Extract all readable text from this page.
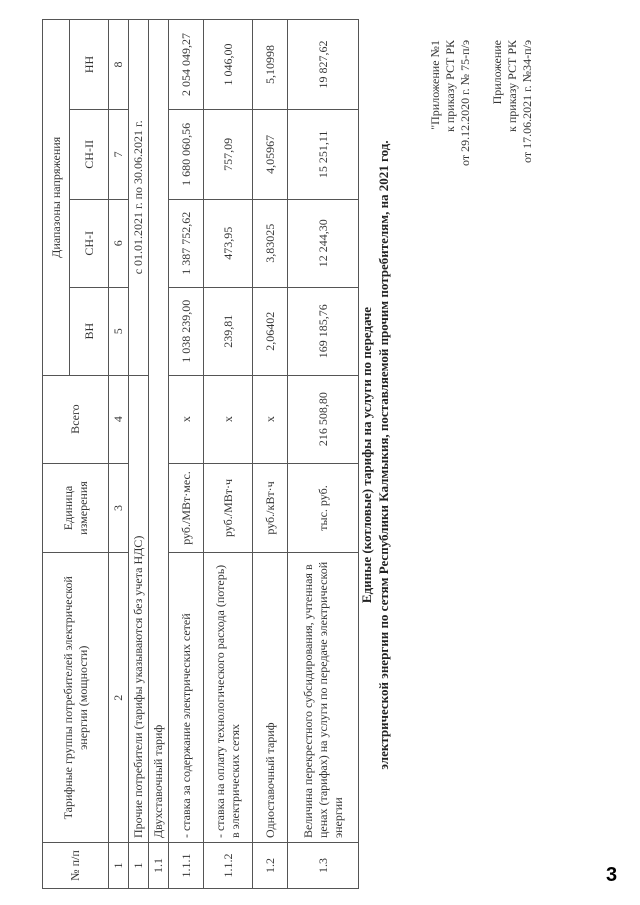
Приложение к приказу РСТ РК от 17.06.2021 г. №34-п/э
"Приложение №1 к приказу РСТ РК от 29.12.2020 г. № 75-п/э
Единые (котловые) тарифы на услуги по передаче электрической энергии по сетям Республики Калмыкия, поставляемой прочим потребителям, на 2021 год.
№ п/п	Тарифные группы потребителей электрической энергии (мощности)	Единица измерения	Всего	Диапазоны напряжения			
				ВН	СН-I	СН-II	НН
1	2	3	4	5	6	7	8
1	Прочие потребители (тарифы указываются без учета НДС)			с 01.01.2021 г. по 30.06.2021 г.			
1.1	Двухставочный тариф						
1.1.1	- ставка за содержание электрических сетей	руб./МВт·мес.	х	1 038 239,00	1 387 752,62	1 680 060,56	2 054 049,27
1.1.2	- ставка на оплату технологического расхода (потерь) в электрических сетях	руб./МВт·ч	х	239,81	473,95	757,09	1 046,00
1.2	Одноставочный тариф	руб./кВт·ч	х	2,06402	3,83025	4,05967	5,10998
1.3	Величина перекрестного субсидирования, учтенная в ценах (тарифах) на услуги по передаче электрической энергии	тыс. руб.	216 508,80	169 185,76	12 244,30	15 251,11	19 827,62
3
